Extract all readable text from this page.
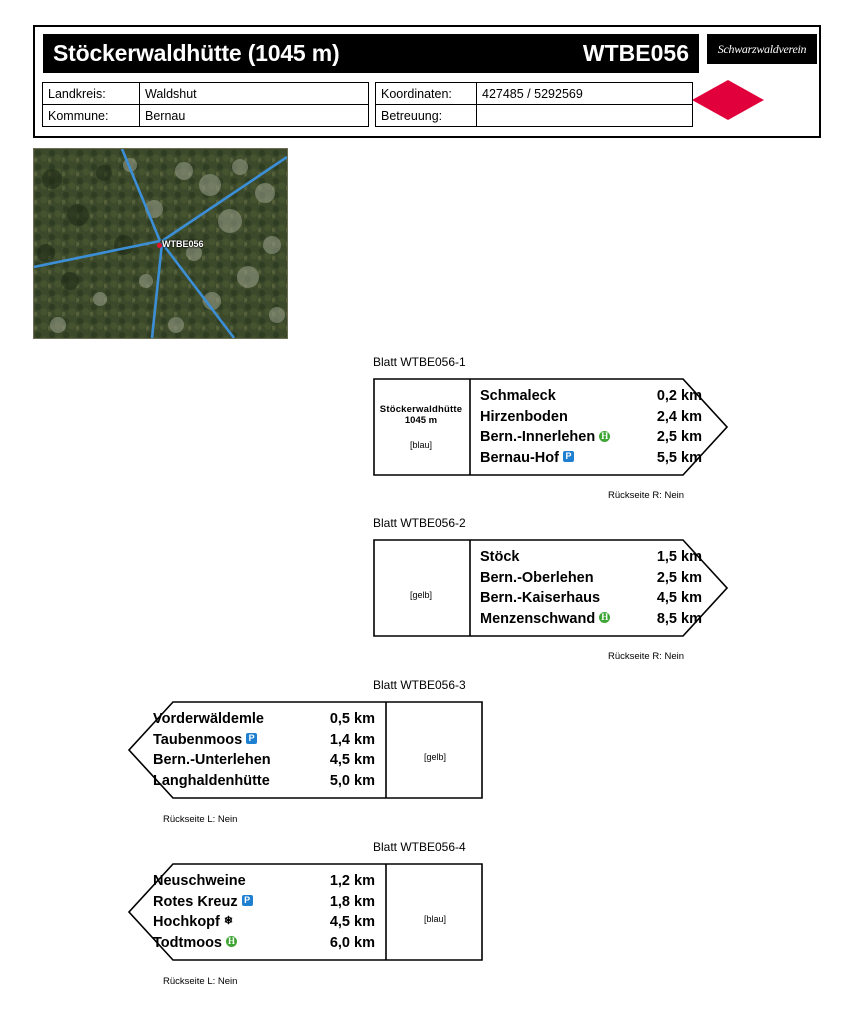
Stöckerwaldhütte (1045 m)	WTBE056	Schwarzwaldverein
Landkreis:	Waldshut
Kommune:	Bernau
Koordinaten:	427485 / 5292569
Betreuung:	
WTBE056
Blatt WTBE056-1
Stöckerwaldhütte
1045 m
[blau]
Schmaleck	0,2 km
Hirzenboden	2,4 km
Bern.-Innerlehen H	2,5 km
Bernau-Hof P	5,5 km
Rückseite R: Nein
Blatt WTBE056-2
[gelb]
Stöck	1,5 km
Bern.-Oberlehen	2,5 km
Bern.-Kaiserhaus	4,5 km
Menzenschwand H	8,5 km
Rückseite R: Nein
Blatt WTBE056-3
[gelb]
Vorderwäldemle	0,5 km
Taubenmoos P	1,4 km
Bern.-Unterlehen	4,5 km
Langhaldenhütte	5,0 km
Rückseite L: Nein
Blatt WTBE056-4
[blau]
Neuschweine	1,2 km
Rotes Kreuz P	1,8 km
Hochkopf ❄	4,5 km
Todtmoos H	6,0 km
Rückseite L: Nein
